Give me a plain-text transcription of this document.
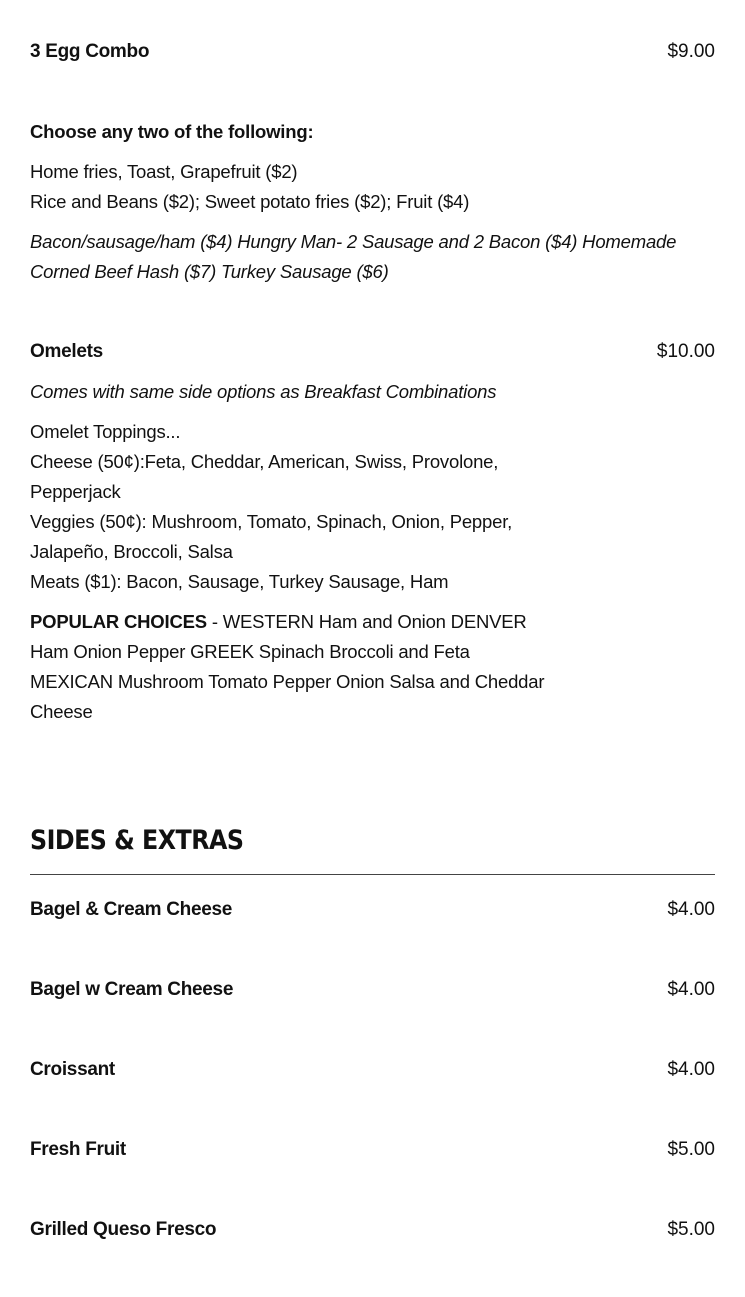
3 Egg Combo	$9.00
Choose any two of the following:
Home fries, Toast, Grapefruit ($2)
Rice and Beans ($2); Sweet potato fries ($2); Fruit ($4)
Bacon/sausage/ham ($4) Hungry Man- 2 Sausage and 2 Bacon ($4) Homemade
Corned Beef Hash ($7) Turkey Sausage ($6)
Omelets	$10.00
Comes with same side options as Breakfast Combinations
Omelet Toppings...
Cheese (50¢):Feta, Cheddar, American, Swiss, Provolone,
Pepperjack
Veggies (50¢): Mushroom, Tomato, Spinach, Onion, Pepper,
Jalapeño, Broccoli, Salsa
Meats ($1): Bacon, Sausage, Turkey Sausage, Ham
POPULAR CHOICES - WESTERN Ham and Onion DENVER
Ham Onion Pepper GREEK Spinach Broccoli and Feta
MEXICAN Mushroom Tomato Pepper Onion Salsa and Cheddar
Cheese
SIDES & EXTRAS
Bagel & Cream Cheese	$4.00
Bagel w Cream Cheese	$4.00
Croissant	$4.00
Fresh Fruit	$5.00
Grilled Queso Fresco	$5.00
